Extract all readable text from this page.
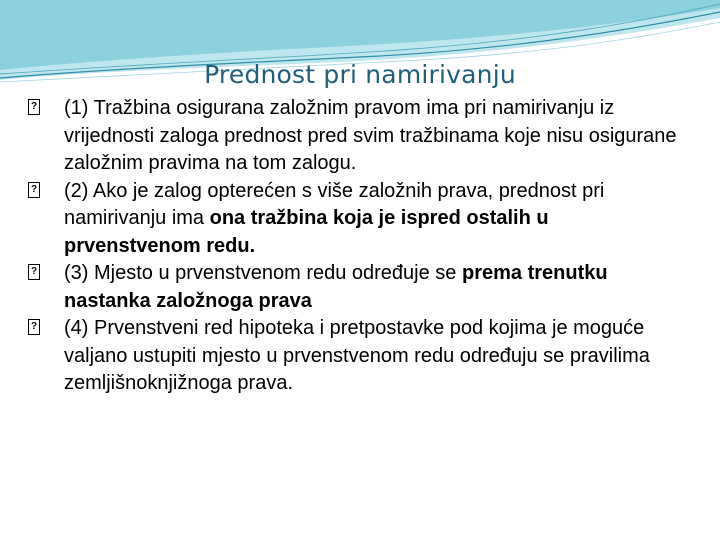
Prednost pri namirivanju
? (1) Tražbina osigurana založnim pravom ima pri namirivanju iz vrijednosti zaloga prednost pred svim tražbinama koje nisu osigurane založnim pravima na tom zalogu.
? (2) Ako je zalog opterećen s više založnih prava, prednost pri namirivanju ima ona tražbina koja je ispred ostalih u prvenstvenom redu.
? (3) Mjesto u prvenstvenom redu određuje se prema trenutku nastanka založnoga prava
? (4) Prvenstveni red hipoteka i pretpostavke pod kojima je moguće valjano ustupiti mjesto u prvenstvenom redu određuju se pravilima zemljišnoknjižnoga prava.
